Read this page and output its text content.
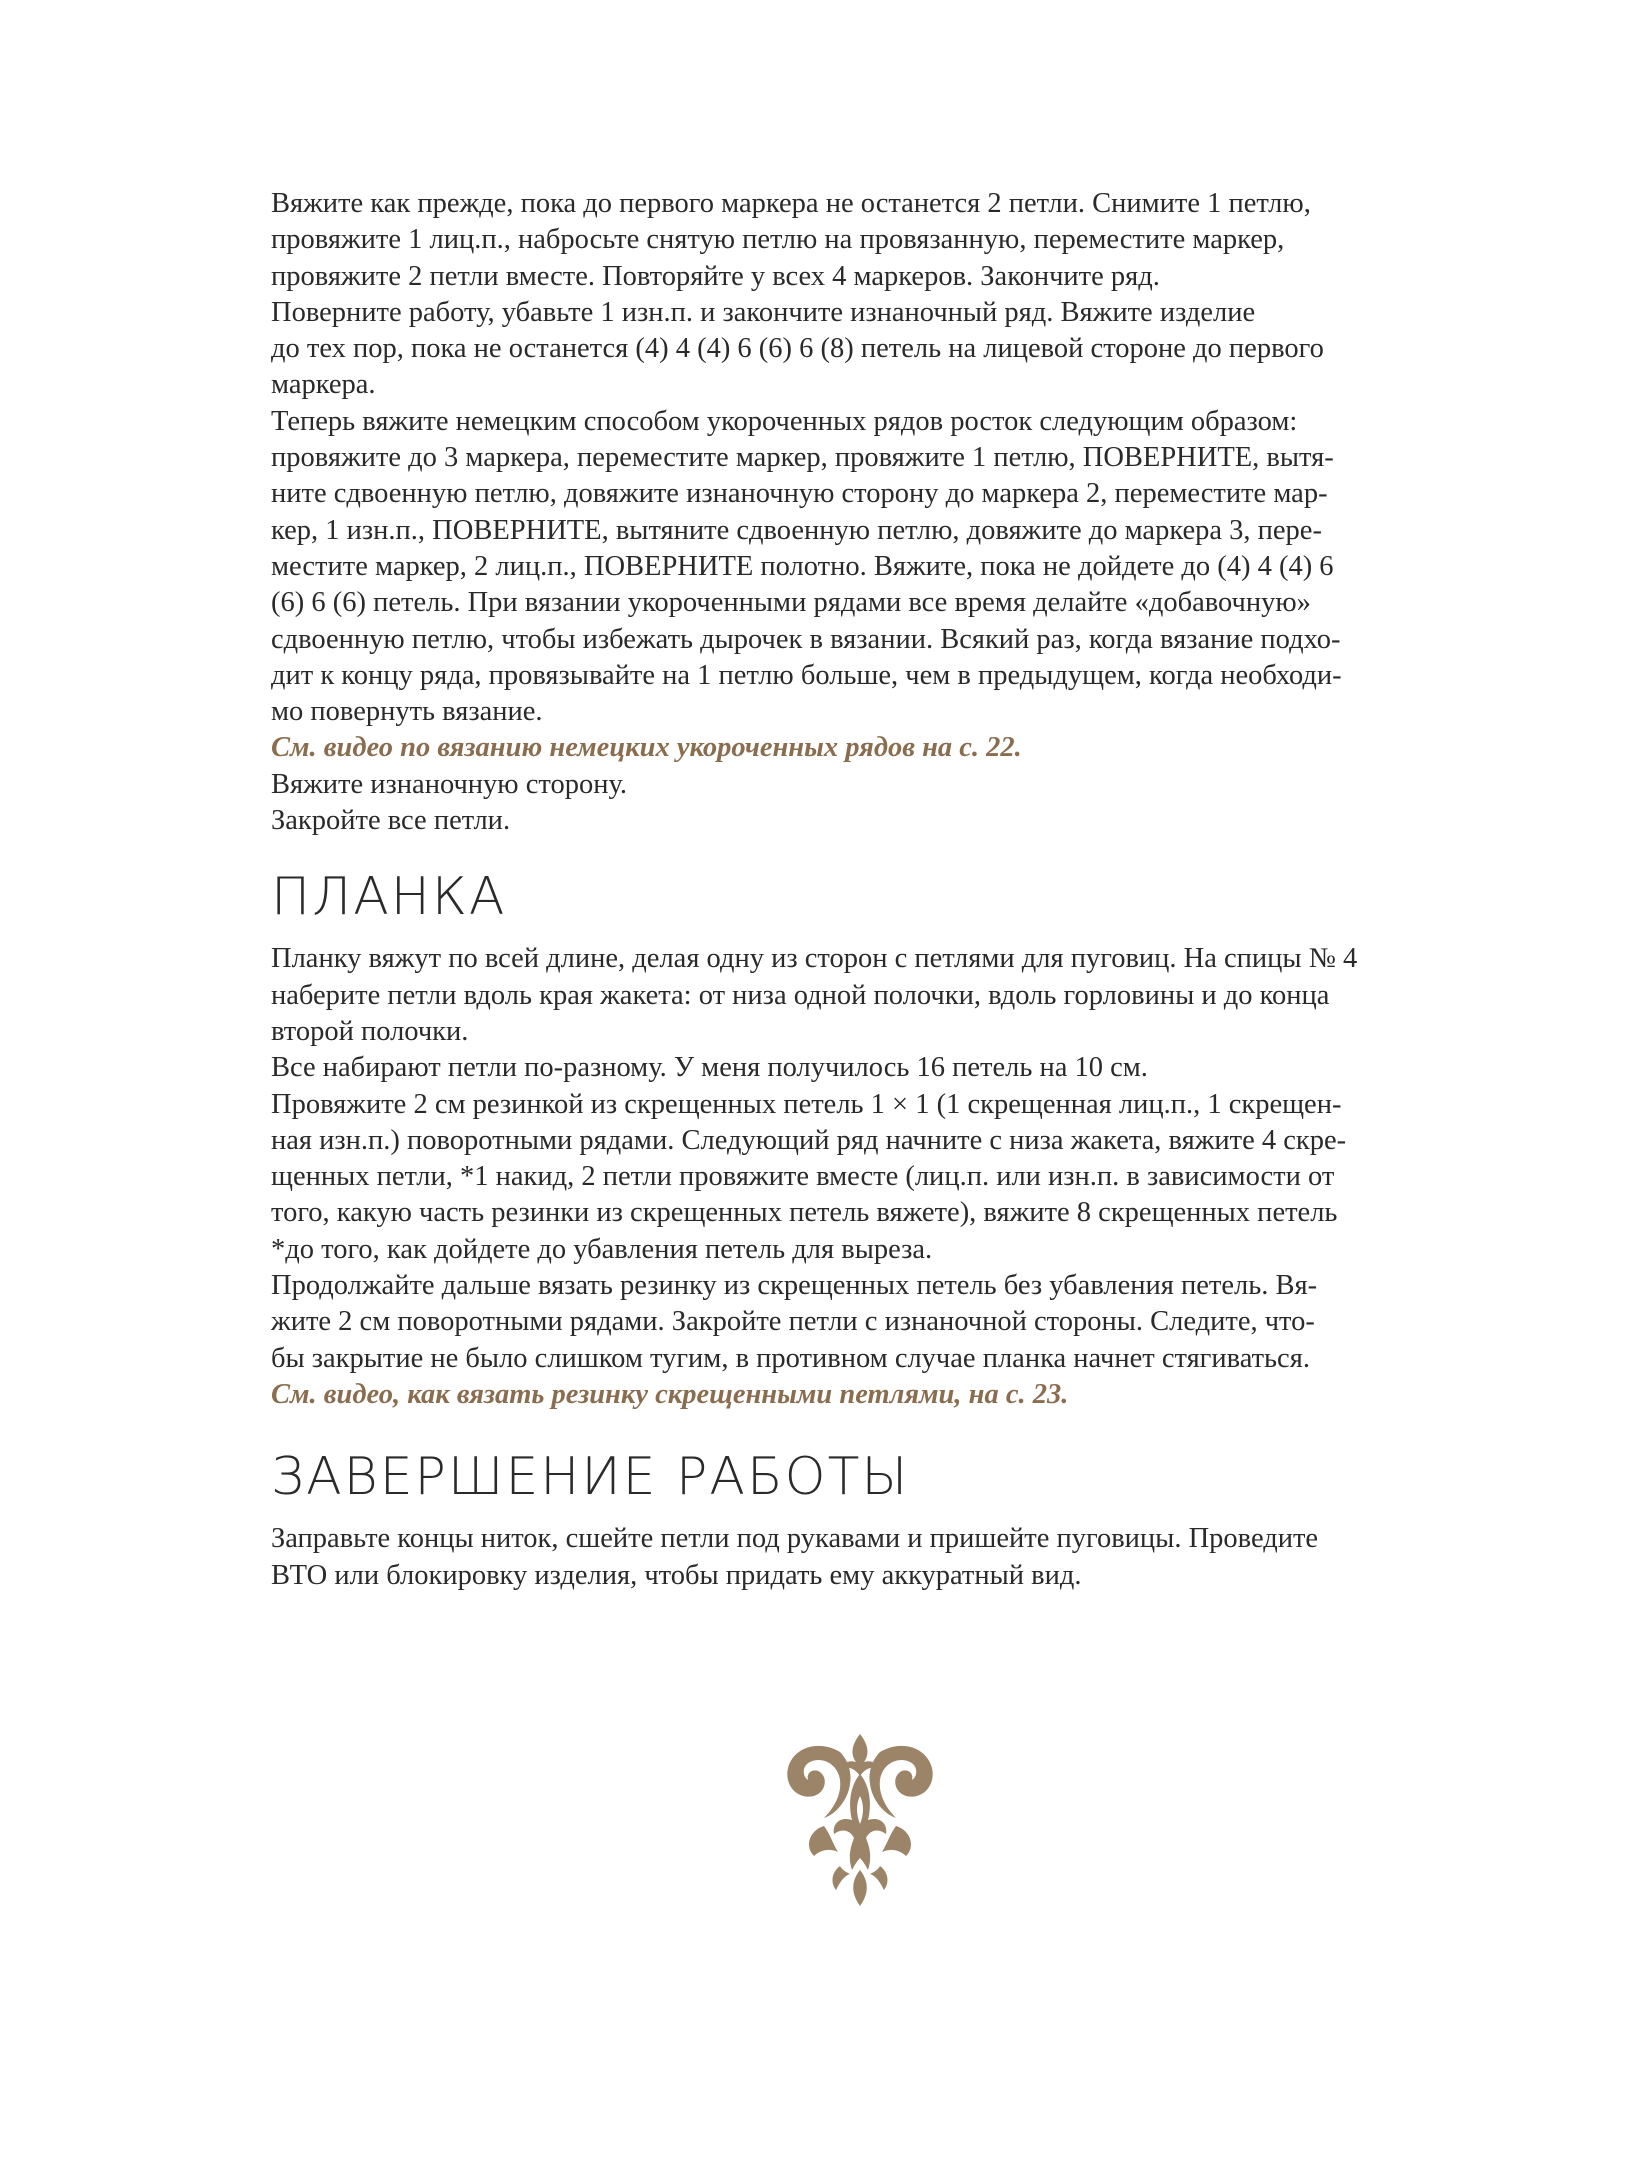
Вяжите как прежде, пока до первого маркера не останется 2 петли. Снимите 1 петлю,
провяжите 1 лиц.п., набросьте снятую петлю на провязанную, переместите маркер,
провяжите 2 петли вместе. Повторяйте у всех 4 маркеров. Закончите ряд.
Поверните работу, убавьте 1 изн.п. и закончите изнаночный ряд. Вяжите изделие
до тех пор, пока не останется (4) 4 (4) 6 (6) 6 (8) петель на лицевой стороне до первого
маркера.
Теперь вяжите немецким способом укороченных рядов росток следующим образом:
провяжите до 3 маркера, переместите маркер, провяжите 1 петлю, ПОВЕРНИТЕ, вытя-
ните сдвоенную петлю, довяжите изнаночную сторону до маркера 2, переместите мар-
кер, 1 изн.п., ПОВЕРНИТЕ, вытяните сдвоенную петлю, довяжите до маркера 3, пере-
местите маркер, 2 лиц.п., ПОВЕРНИТЕ полотно. Вяжите, пока не дойдете до (4) 4 (4) 6
(6) 6 (6) петель. При вязании укороченными рядами все время делайте «добавочную»
сдвоенную петлю, чтобы избежать дырочек в вязании. Всякий раз, когда вязание подхо-
дит к концу ряда, провязывайте на 1 петлю больше, чем в предыдущем, когда необходи-
мо повернуть вязание.
См. видео по вязанию немецких укороченных рядов на с. 22.
Вяжите изнаночную сторону.
Закройте все петли.
ПЛАНКА
Планку вяжут по всей длине, делая одну из сторон с петлями для пуговиц. На спицы № 4
наберите петли вдоль края жакета: от низа одной полочки, вдоль горловины и до конца
второй полочки.
Все набирают петли по-разному. У меня получилось 16 петель на 10 см.
Провяжите 2 см резинкой из скрещенных петель 1 × 1 (1 скрещенная лиц.п., 1 скрещен-
ная изн.п.) поворотными рядами. Следующий ряд начните с низа жакета, вяжите 4 скре-
щенных петли, *1 накид, 2 петли провяжите вместе (лиц.п. или изн.п. в зависимости от
того, какую часть резинки из скрещенных петель вяжете), вяжите 8 скрещенных петель
*до того, как дойдете до убавления петель для выреза.
Продолжайте дальше вязать резинку из скрещенных петель без убавления петель. Вя-
жите 2 см поворотными рядами. Закройте петли с изнаночной стороны. Следите, что-
бы закрытие не было слишком тугим, в противном случае планка начнет стягиваться.
См. видео, как вязать резинку скрещенными петлями, на с. 23.
ЗАВЕРШЕНИЕ РАБОТЫ
Заправьте концы ниток, сшейте петли под рукавами и пришейте пуговицы. Проведите
ВТО или блокировку изделия, чтобы придать ему аккуратный вид.
